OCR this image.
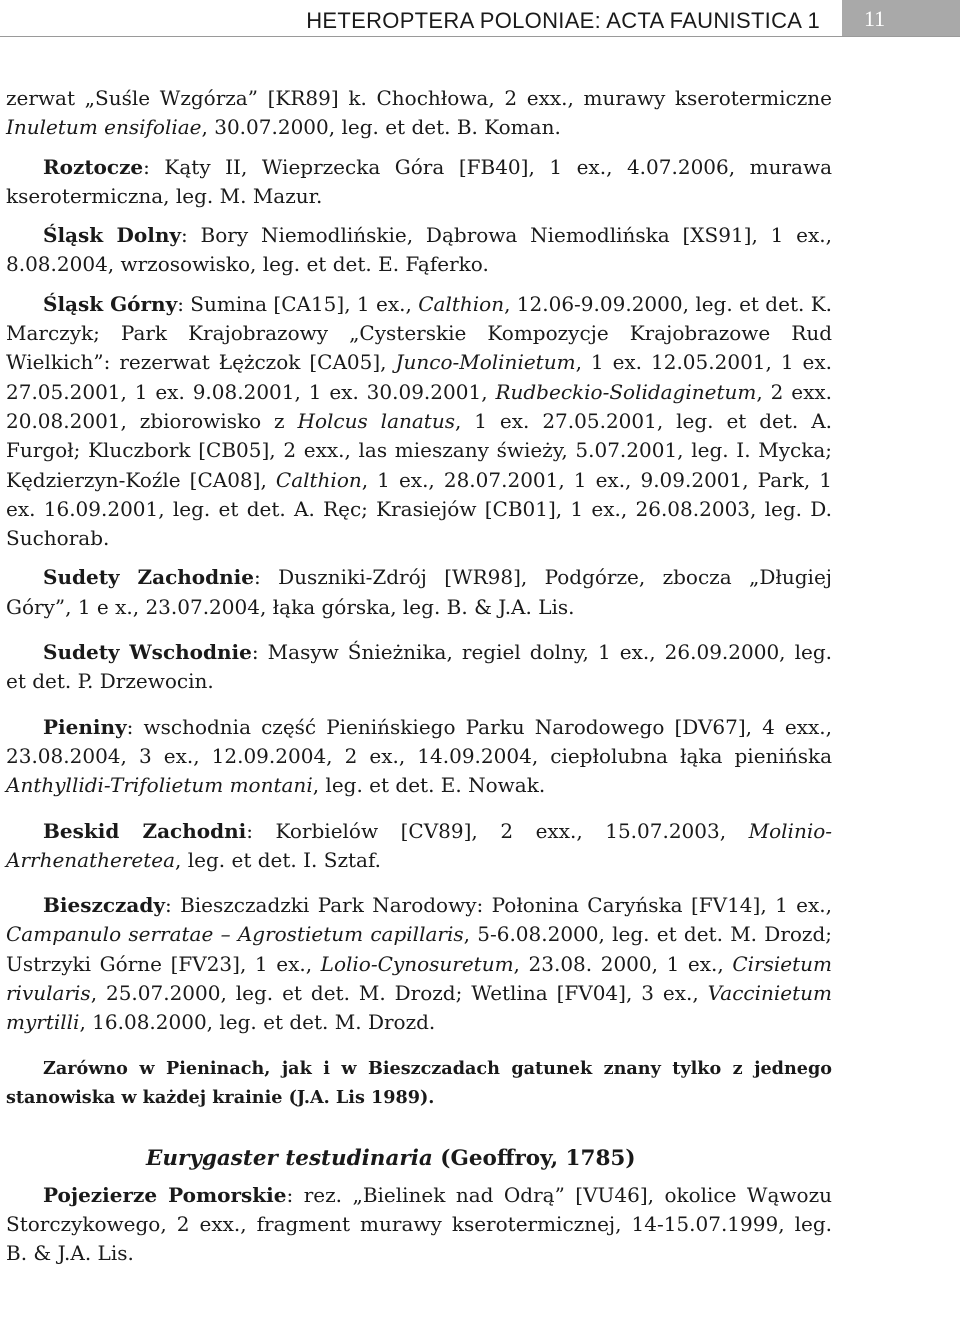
HETEROPTERA POLONIAE: ACTA FAUNISTICA 1	11

zerwat „Suśle Wzgórza” [KR89] k. Chochłowa, 2 exx., murawy kserotermiczne Inuletum ensifoliae, 30.07.2000, leg. et det. B. Koman.

Roztocze: Kąty II, Wieprzecka Góra [FB40], 1 ex., 4.07.2006, murawa kserotermiczna, leg. M. Mazur.

Śląsk Dolny: Bory Niemodlińskie, Dąbrowa Niemodlińska [XS91], 1 ex., 8.08.2004, wrzosowisko, leg. et det. E. Fąferko.

Śląsk Górny: Sumina [CA15], 1 ex., Calthion, 12.06-9.09.2000, leg. et det. K. Marczyk; Park Krajobrazowy „Cysterskie Kompozycje Krajobrazowe Rud Wielkich”: rezerwat Łężczok [CA05], Junco-Molinietum, 1 ex. 12.05.2001, 1 ex. 27.05.2001, 1 ex. 9.08.2001, 1 ex. 30.09.2001, Rudbeckio-Solidaginetum, 2 exx. 20.08.2001, zbiorowisko z Holcus lanatus, 1 ex. 27.05.2001, leg. et det. A. Furgoł; Kluczbork [CB05], 2 exx., las mieszany świeży, 5.07.2001, leg. I. Mycka; Kędzierzyn-Koźle [CA08], Calthion, 1 ex., 28.07.2001, 1 ex., 9.09.2001, Park, 1 ex. 16.09.2001, leg. et det. A. Ręc; Krasiejów [CB01], 1 ex., 26.08.2003, leg. D. Suchorab.

Sudety Zachodnie: Duszniki-Zdrój [WR98], Podgórze, zbocza „Długiej Góry”, 1 e x., 23.07.2004, łąka górska, leg. B. & J.A. Lis.

Sudety Wschodnie: Masyw Śnieżnika, regiel dolny, 1 ex., 26.09.2000, leg. et det. P. Drzewocin.

Pieniny: wschodnia część Pienińskiego Parku Narodowego [DV67], 4 exx., 23.08.2004, 3 ex., 12.09.2004, 2 ex., 14.09.2004, ciepłolubna łąka pienińska Anthyllidi-Trifolietum montani, leg. et det. E. Nowak.

Beskid Zachodni: Korbielów [CV89], 2 exx., 15.07.2003, Molinio-Arrhenatheretea, leg. et det. I. Sztaf.

Bieszczady: Bieszczadzki Park Narodowy: Połonina Caryńska [FV14], 1 ex., Campanulo serratae – Agrostietum capillaris, 5-6.08.2000, leg. et det. M. Drozd; Ustrzyki Górne [FV23], 1 ex., Lolio-Cynosuretum, 23.08. 2000, 1 ex., Cirsietum rivularis, 25.07.2000, leg. et det. M. Drozd; Wetlina [FV04], 3 ex., Vaccinietum myrtilli, 16.08.2000, leg. et det. M. Drozd.

Zarówno w Pieninach, jak i w Bieszczadach gatunek znany tylko z jednego stanowiska w każdej krainie (J.A. Lis 1989).

Eurygaster testudinaria (Geoffroy, 1785)

Pojezierze Pomorskie: rez. „Bielinek nad Odrą” [VU46], okolice Wąwozu Storczykowego, 2 exx., fragment murawy kserotermicznej, 14-15.07.1999, leg. B. & J.A. Lis.
